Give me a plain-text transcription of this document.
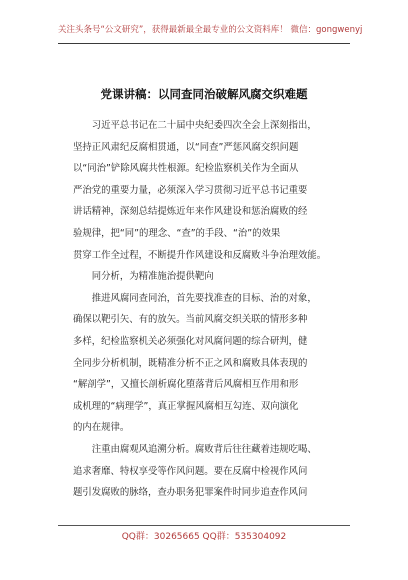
关注头条号“公文研究”，获得最新最全最专业的公文资料库！ 微信：gongwenyj
党课讲稿：以同查同治破解风腐交织难题
习近平总书记在二十届中央纪委四次全会上深刻指出，
坚持正风肃纪反腐相贯通，以“同查”严惩风腐交织问题
以“同治”铲除风腐共性根源。纪检监察机关作为全面从
严治党的重要力量，必须深入学习贯彻习近平总书记重要
讲话精神，深刻总结提炼近年来作风建设和惩治腐败的经
验规律，把“同”的理念、“查”的手段、“治”的效果
贯穿工作全过程，不断提升作风建设和反腐败斗争治理效能。
同分析，为精准施治提供靶向
推进风腐同查同治，首先要找准查的目标、治的对象，
确保以靶引矢、有的放矢。当前风腐交织关联的情形多种
多样，纪检监察机关必须强化对风腐问题的综合研判，健
全同步分析机制，既精准分析不正之风和腐败具体表现的
“解剖学”，又擅长剖析腐化堕落背后风腐相互作用和形
成机理的“病理学”，真正掌握风腐相互勾连、双向演化
的内在规律。
注重由腐观风追溯分析。腐败背后往往藏着违规吃喝、
追求奢靡、特权享受等作风问题。要在反腐中检视作风问
题引发腐败的脉络，查办职务犯罪案件时同步追查作风问
QQ群：30265665 QQ群：535304092
